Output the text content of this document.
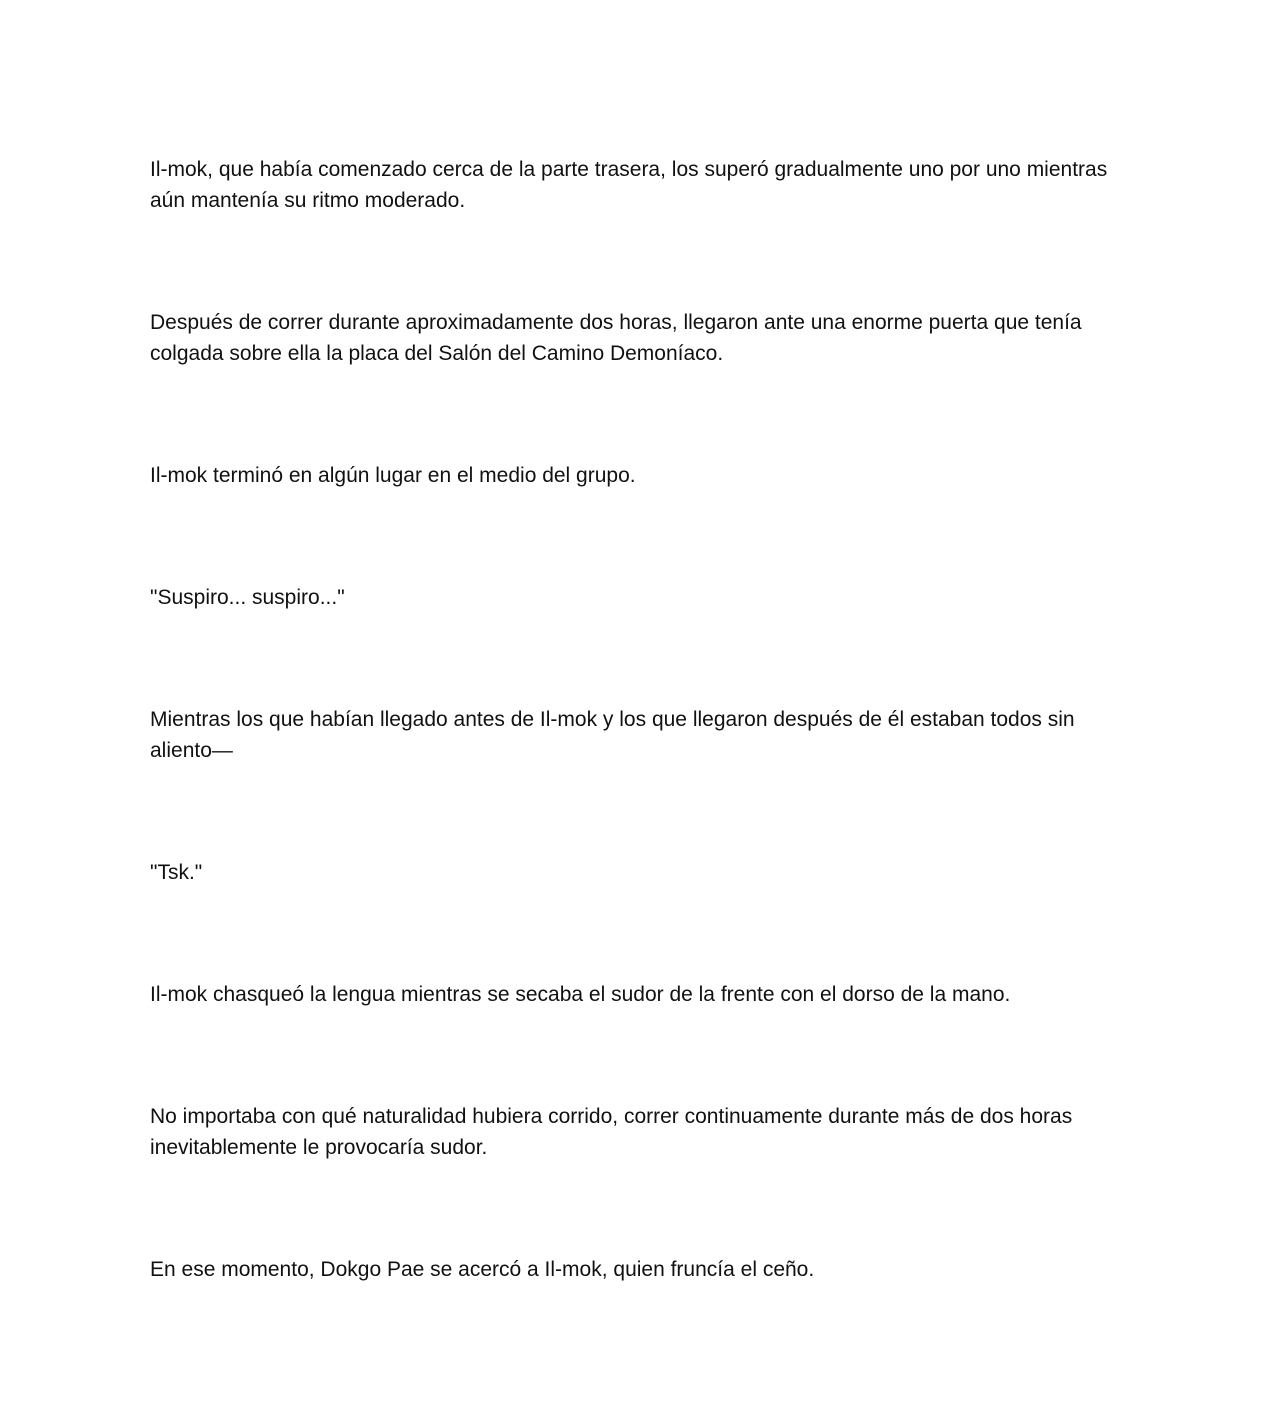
Il-mok, que había comenzado cerca de la parte trasera, los superó gradualmente uno por uno mientras aún mantenía su ritmo moderado.

Después de correr durante aproximadamente dos horas, llegaron ante una enorme puerta que tenía colgada sobre ella la placa del Salón del Camino Demoníaco.

Il-mok terminó en algún lugar en el medio del grupo.

"Suspiro... suspiro..."

Mientras los que habían llegado antes de Il-mok y los que llegaron después de él estaban todos sin aliento—

"Tsk."

Il-mok chasqueó la lengua mientras se secaba el sudor de la frente con el dorso de la mano.

No importaba con qué naturalidad hubiera corrido, correr continuamente durante más de dos horas inevitablemente le provocaría sudor.

En ese momento, Dokgo Pae se acercó a Il-mok, quien fruncía el ceño.
